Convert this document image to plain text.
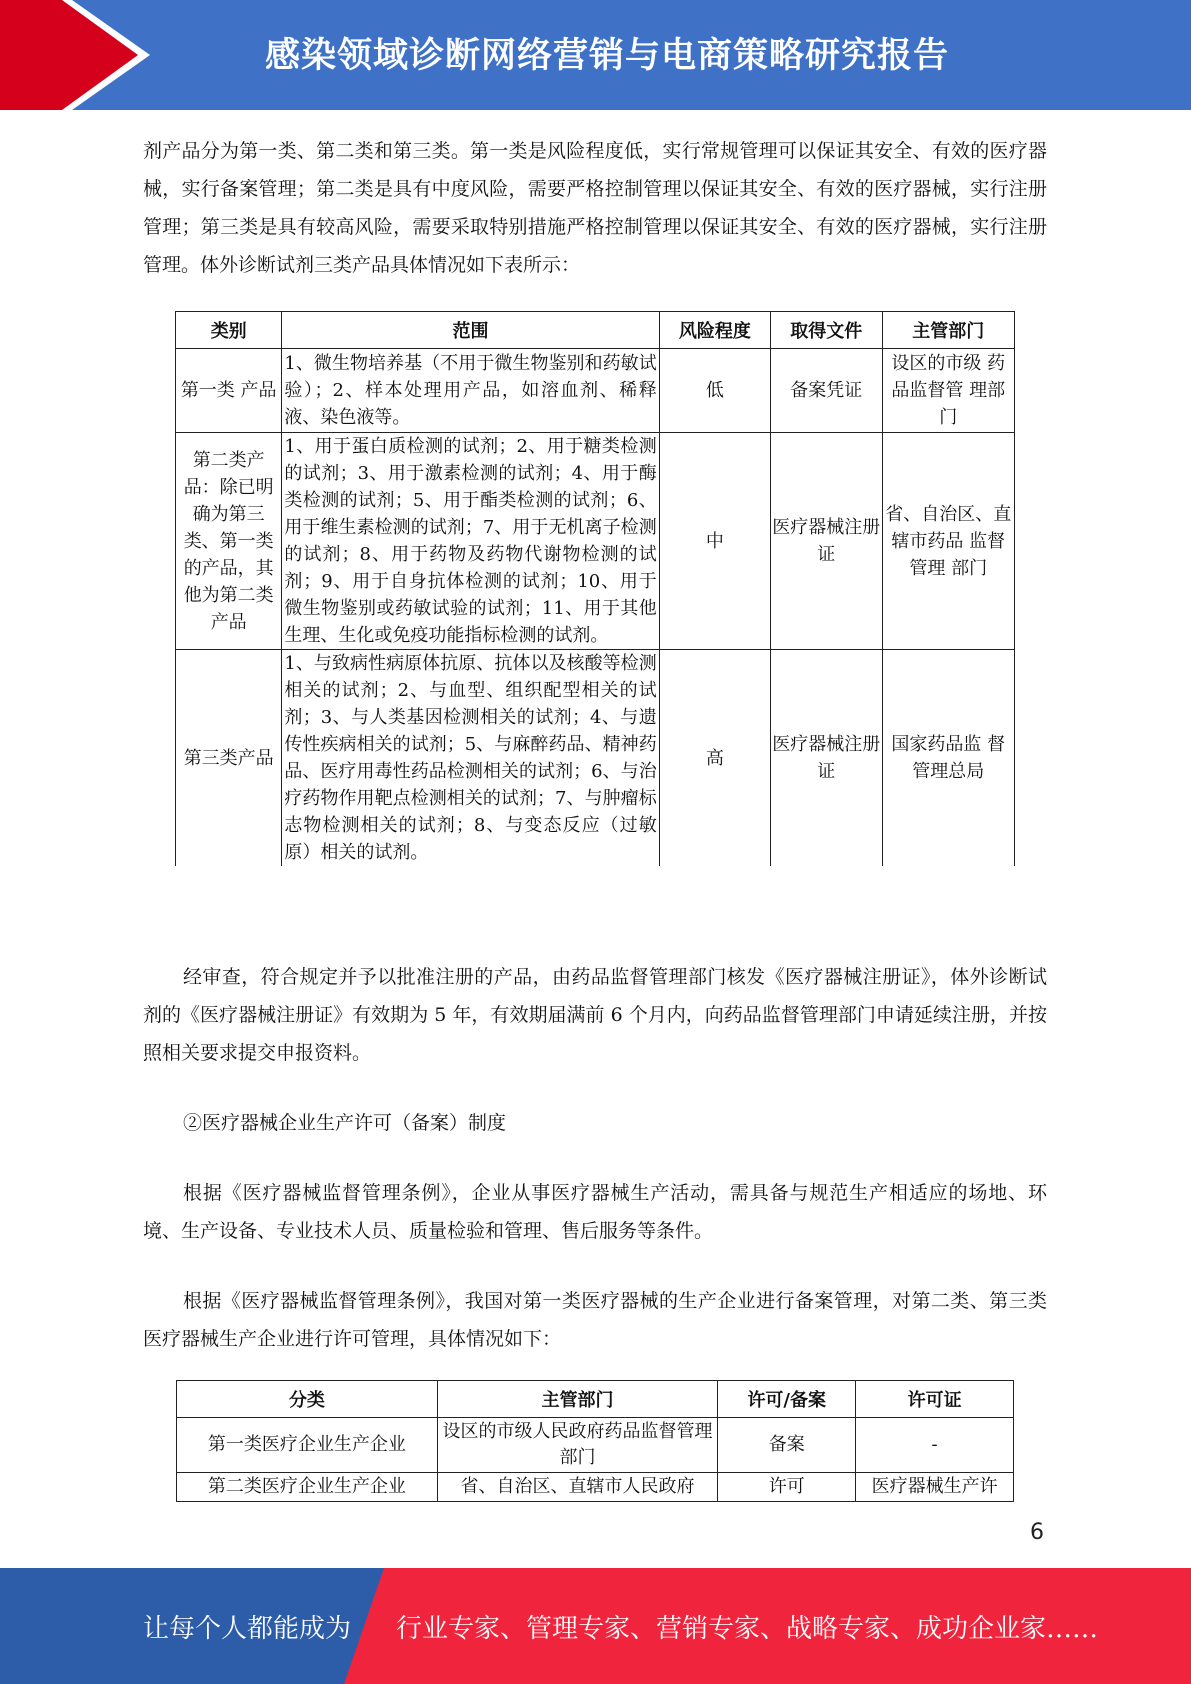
感染领域诊断网络营销与电商策略研究报告

剂产品分为第一类、第二类和第三类。第一类是风险程度低，实行常规管理可以保证其安全、有效的医疗器械，实行备案管理；第二类是具有中度风险，需要严格控制管理以保证其安全、有效的医疗器械，实行注册管理；第三类是具有较高风险，需要采取特别措施严格控制管理以保证其安全、有效的医疗器械，实行注册管理。体外诊断试剂三类产品具体情况如下表所示：

类别	范围	风险程度	取得文件	主管部门
第一类 产品	1、微生物培养基（不用于微生物鉴别和药敏试验）；2、样本处理用产品，如溶血剂、稀释液、染色液等。	低	备案凭证	设区的市级 药品监督管 理部门
第二类产品：除已明确为第三类、第一类的产品，其他为第二类产品	1、用于蛋白质检测的试剂；2、用于糖类检测的试剂；3、用于激素检测的试剂；4、用于酶类检测的试剂；5、用于酯类检测的试剂；6、用于维生素检测的试剂；7、用于无机离子检测的试剂；8、用于药物及药物代谢物检测的试剂；9、用于自身抗体检测的试剂；10、用于微生物鉴别或药敏试验的试剂；11、用于其他生理、生化或免疫功能指标检测的试剂。	中	医疗器械注册证	省、自治区、直辖市药品 监督管理 部门
第三类产品	1、与致病性病原体抗原、抗体以及核酸等检测相关的试剂；2、与血型、组织配型相关的试剂；3、与人类基因检测相关的试剂；4、与遗传性疾病相关的试剂；5、与麻醉药品、精神药品、医疗用毒性药品检测相关的试剂；6、与治疗药物作用靶点检测相关的试剂；7、与肿瘤标志物检测相关的试剂；8、与变态反应（过敏原）相关的试剂。	高	医疗器械注册证	国家药品监 督管理总局

经审查，符合规定并予以批准注册的产品，由药品监督管理部门核发《医疗器械注册证》，体外诊断试剂的《医疗器械注册证》有效期为 5 年，有效期届满前 6 个月内，向药品监督管理部门申请延续注册，并按照相关要求提交申报资料。

②医疗器械企业生产许可（备案）制度

根据《医疗器械监督管理条例》，企业从事医疗器械生产活动，需具备与规范生产相适应的场地、环境、生产设备、专业技术人员、质量检验和管理、售后服务等条件。

根据《医疗器械监督管理条例》，我国对第一类医疗器械的生产企业进行备案管理，对第二类、第三类医疗器械生产企业进行许可管理，具体情况如下：

分类	主管部门	许可/备案	许可证
第一类医疗企业生产企业	设区的市级人民政府药品监督管理部门	备案	-
第二类医疗企业生产企业	省、自治区、直辖市人民政府	许可	医疗器械生产许
6
让每个人都能成为 行业专家、管理专家、营销专家、战略专家、成功企业家……
